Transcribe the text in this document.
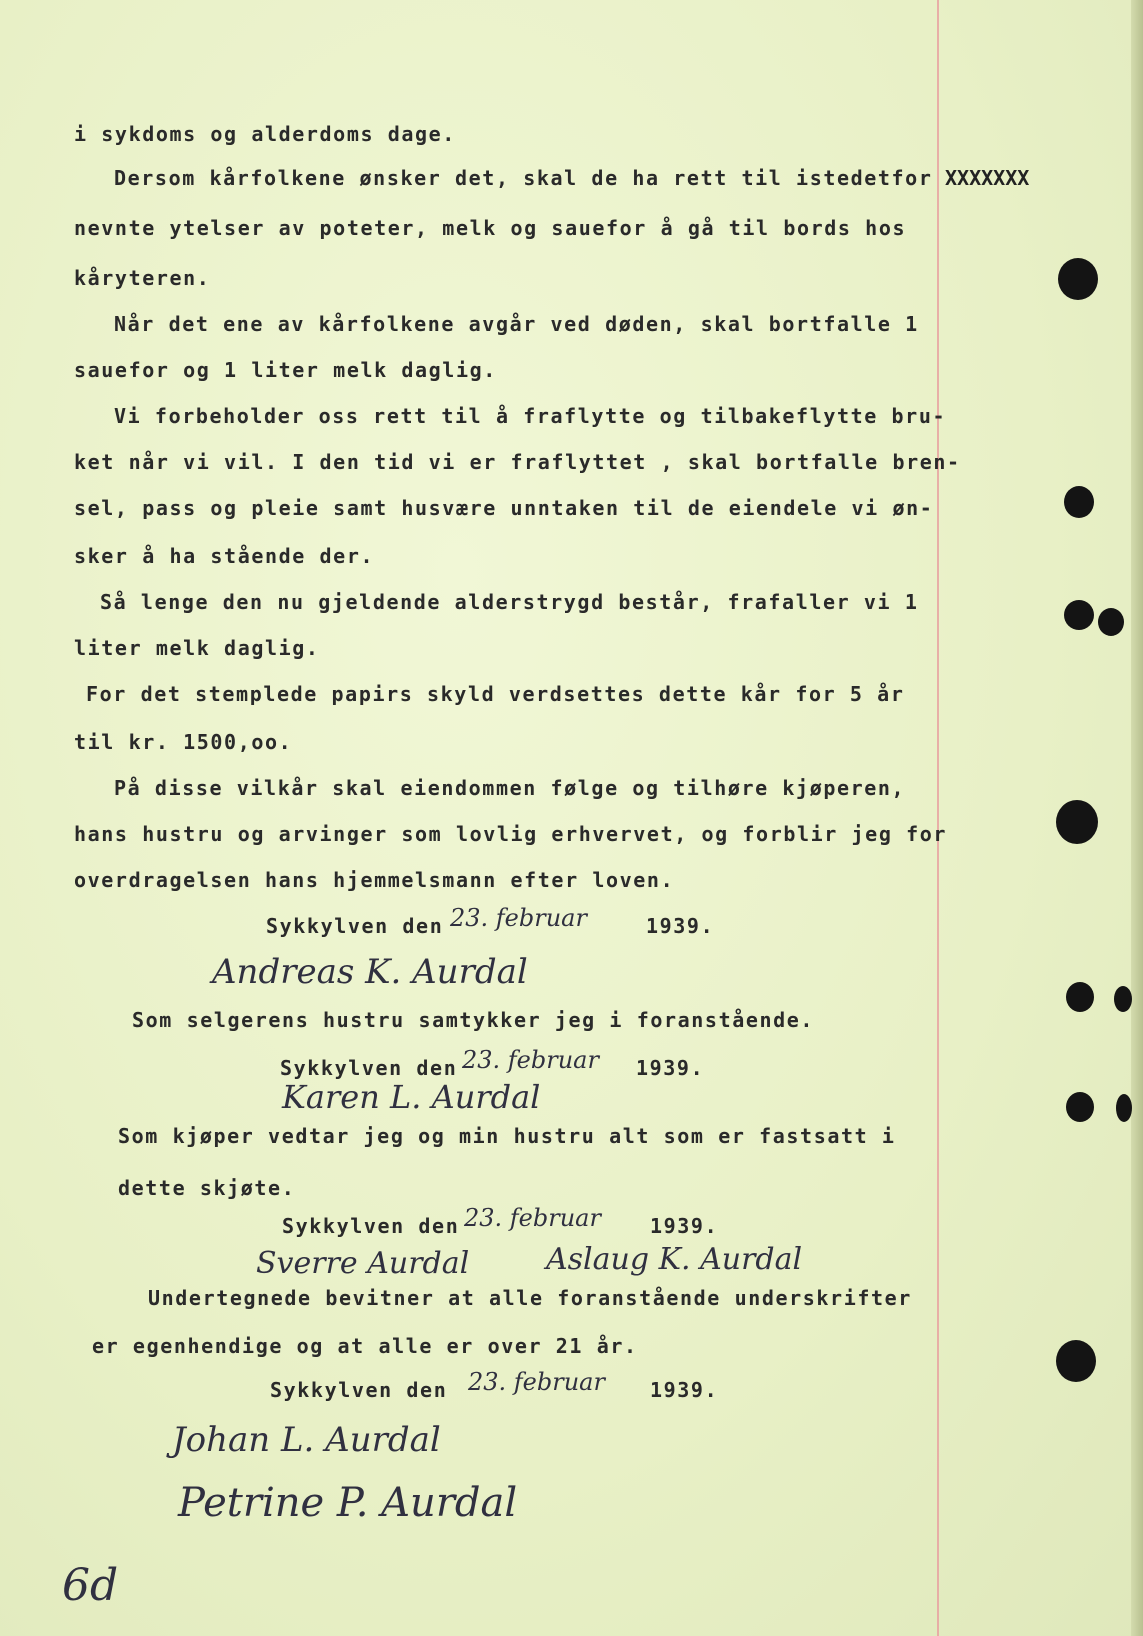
i sykdoms og alderdoms dage.
Dersom kårfolkene ønsker det, skal de ha rett til istedetfor XXXXXXX
nevnte ytelser av poteter, melk og sauefor å gå til bords hos
kåryteren.
Når det ene av kårfolkene avgår ved døden, skal bortfalle 1
sauefor og 1 liter melk daglig.
Vi forbeholder oss rett til å fraflytte og tilbakeflytte bru-
ket når vi vil. I den tid vi er fraflyttet , skal bortfalle bren-
sel, pass og pleie samt husvære unntaken til de eiendele vi øn-
sker å ha stående der.
Så lenge den nu gjeldende alderstrygd består, frafaller vi 1
liter melk daglig.
For det stemplede papirs skyld verdsettes dette kår for 5 år
til kr. 1500,oo.
På disse vilkår skal eiendommen følge og tilhøre kjøperen,
hans hustru og arvinger som lovlig erhvervet, og forblir jeg for
overdragelsen hans hjemmelsmann efter loven.
Sykkylven den 23. februar	1939.
Andreas K. Aurdal
Som selgerens hustru samtykker jeg i foranstående.
Sykkylven den 23. februar 1939.
Karen L. Aurdal
Som kjøper vedtar jeg og min hustru alt som er fastsatt i
dette skjøte.
Sykkylven den 23. februar 1939.
Sverre Aurdal	Aslaug K. Aurdal
Undertegnede bevitner at alle foranstående underskrifter
er egenhendige og at alle er over 21 år.
Sykkylven den 23. februar 1939.
Johan L. Aurdal
Petrine P. Aurdal
6d
